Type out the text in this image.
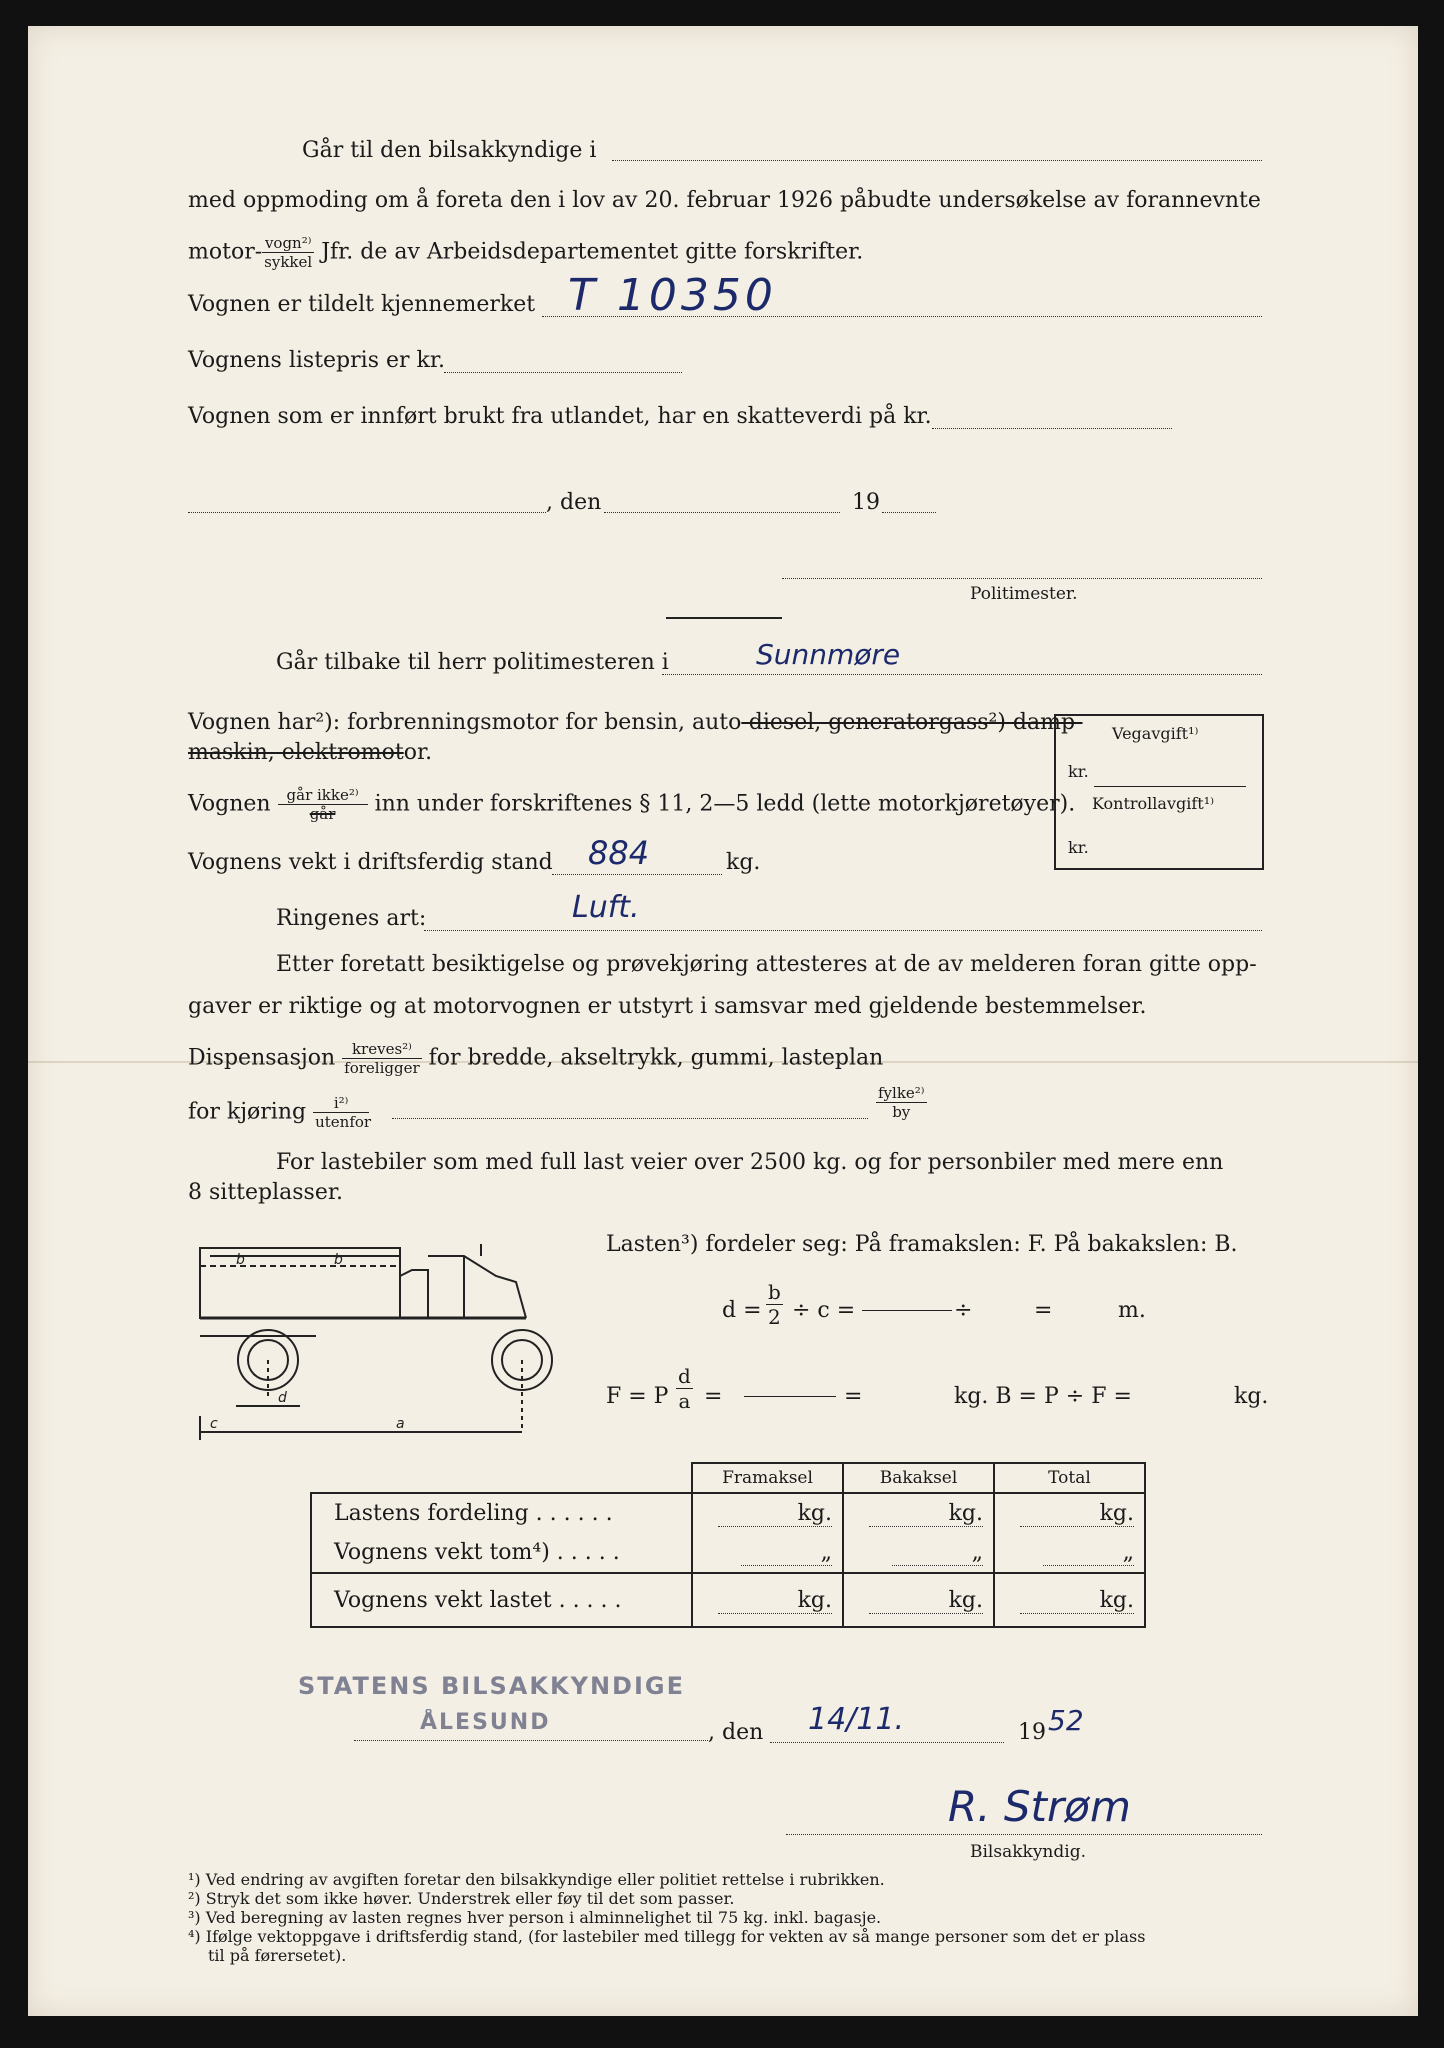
Går til den bilsakkyndige i
med oppmoding om å foreta den i lov av 20. februar 1926 påbudte undersøkelse av forannevnte
motor- $\frac{\text{vogn²⁾}}{\text{sykkel}}$ Jfr. de av Arbeidsdepartementet gitte forskrifter.
Vognen er tildelt kjennemerket T 10350
Vognens listepris er kr.
Vognen som er innført brukt fra utlandet, har en skatteverdi på kr.
, den	19
Politimester.
Går tilbake til herr politimesteren i	Sunnmøre
Vognen har²): forbrenningsmotor for bensin, auto-diesel, generatorgass²) damp-
maskin, elektromotor.
Vognen $\frac{\text{går ikke²⁾}}{\text{går}}$ inn under forskriftenes § 11, 2—5 ledd (lette motorkjøretøyer).
Vognens vekt i driftsferdig stand 884	kg.
Ringenes art:	Luft.
Etter foretatt besiktigelse og prøvekjøring attesteres at de av melderen foran gitte opp-
gaver er riktige og at motorvognen er utstyrt i samsvar med gjeldende bestemmelser.
Dispensasjon $\frac{\text{kreves²⁾}}{\text{foreligger}}$ for bredde, akseltrykk, gummi, lasteplan
for kjøring $\frac{\text{i²⁾}}{\text{utenfor}}$	$\frac{\text{fylke²⁾}}{by}$
Vegavgift¹⁾
kr.
Kontrollavgift¹⁾
kr.
For lastebiler som med full last veier over 2500 kg. og for personbiler med mere enn
8 sitteplasser.
b	b
c	a
d
Lasten³) fordeler seg: På framakslen: F. På bakakslen: B.
$d = \frac{b}{2} \div c$ =	÷	=	m.
F = P $\frac{d}{a}$ =	=	kg. B = P ÷ F =	kg.
	Framaksel	Bakaksel	Total
Lastens fordeling . . . . . .	kg.	kg.	kg.
Vognens vekt tom⁴) . . . . .	„	„	„
Vognens vekt lastet . . . . .	kg.	kg.	kg.
STATENS BILSAKKYNDIGE
ÅLESUND	, den 14/11.	19 52
R. Strøm
Bilsakkyndig.
¹) Ved endring av avgiften foretar den bilsakkyndige eller politiet rettelse i rubrikken.
²) Stryk det som ikke høver. Understrek eller føy til det som passer.
³) Ved beregning av lasten regnes hver person i alminnelighet til 75 kg. inkl. bagasje.
⁴) Ifølge vektoppgave i driftsferdig stand, (for lastebiler med tillegg for vekten av så mange personer som det er plass
til på førersetet).
